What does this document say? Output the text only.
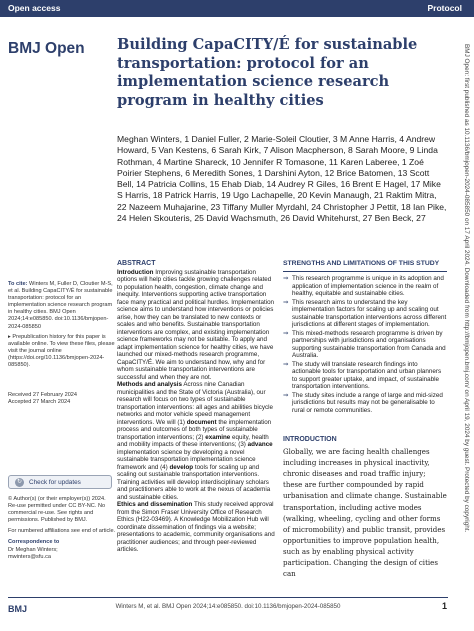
Open access	Protocol
BMJ Open Building CapaCITY/É for sustainable transportation: protocol for an implementation science research program in healthy cities
Meghan Winters, 1 Daniel Fuller, 2 Marie-Soleil Cloutier, 3 M Anne Harris, 4 Andrew Howard, 5 Van Kestens, 6 Sarah Kirk, 7 Alison Macpherson, 8 Sarah Moore, 9 Linda Rothman, 4 Martine Shareck, 10 Jennifer R Tomasone, 11 Karen Laberee, 1 Zoé Poirier Stephens, 6 Meredith Sones, 1 Darshini Ayton, 12 Brice Batomen, 13 Scott Bell, 14 Patricia Collins, 15 Ehab Diab, 14 Audrey R Giles, 16 Brent E Hagel, 17 Mike S Harris, 18 Patrick Harris, 19 Ugo Lachapelle, 20 Kevin Manaugh, 21 Raktim Mitra, 22 Nazeem Muhajarine, 23 Tiffany Muller Myrdahl, 24 Christopher J Pettit, 18 Ian Pike, 24 Helen Skouteris, 25 David Wachsmuth, 26 David Whitehurst, 27 Ben Beck, 27
To cite: Winters M, Fuller D, Cloutier M-S, et al. Building CapaCITY/É for sustainable transportation: protocol for an implementation science research program in healthy cities. BMJ Open 2024;14:e085850. doi:10.1136/bmjopen-2024-085850
▸ Prepublication history for this paper is available online. To view these files, please visit the journal online (https://doi.org/10.1136/bmjopen-2024-085850).
Received 27 February 2024
Accepted 27 March 2024
↻	Check for updates
© Author(s) (or their employer(s)) 2024. Re-use permitted under CC BY-NC. No commercial re-use. See rights and permissions. Published by BMJ.
For numbered affiliations see end of article.
Correspondence to
Dr Meghan Winters;
mwinters@sfu.ca
ABSTRACT

Introduction Improving sustainable transportation options will help cities tackle growing challenges related to population health, congestion, climate change and inequity. Interventions supporting active transportation face many practical and political hurdles. Implementation science aims to understand how interventions or policies arise, how they can be translated to new contexts or scales and who benefits. Sustainable transportation interventions are complex, and existing implementation science frameworks may not be suitable. To apply and adapt implementation science for healthy cities, we have launched our mixed-methods research programme, CapaCITY/É. We aim to understand how, why and for whom sustainable transportation interventions are successful and when they are not.

Methods and analysis Across nine Canadian municipalities and the State of Victoria (Australia), our research will focus on two types of sustainable transportation interventions: all ages and abilities bicycle networks and motor vehicle speed management interventions. We will (1) document the implementation process and outcomes of both types of sustainable transportation interventions; (2) examine equity, health and mobility impacts of these interventions; (3) advance implementation science by developing a novel sustainable transportation implementation science framework and (4) develop tools for scaling up and scaling out sustainable transportation interventions. Training activities will develop interdisciplinary scholars and practitioners able to work at the nexus of academia and sustainable cities.

Ethics and dissemination This study received approval from the Simon Fraser University Office of Research Ethics (H22-03469). A Knowledge Mobilization Hub will coordinate dissemination of findings via a website; presentations to academic, community organisations and practitioner audiences; and through peer-reviewed articles.

STRENGTHS AND LIMITATIONS OF THIS STUDY
⇒ This research programme is unique in its adoption and application of implementation science in the realm of healthy, equitable and sustainable cities.
⇒ This research aims to understand the key implementation factors for scaling up and scaling out sustainable transportation interventions across different jurisdictions at different stages of implementation.
⇒ This mixed-methods research programme is driven by partnerships with jurisdictions and organisations supporting sustainable transportation from Canada and Australia.
⇒ The study will translate research findings into actionable tools for transportation and urban planners to support greater uptake, and impact, of sustainable transportation interventions.
⇒ The study sites include a range of large and mid-sized jurisdictions but results may not be generalisable to rural or remote communities.
INTRODUCTION

Globally, we are facing health challenges including increases in physical inactivity, chronic diseases and road traffic injury; these are further compounded by rapid urbanisation and climate change. Sustainable transportation, including active modes (walking, wheeling, cycling and other forms of micromobility) and public transit, provides opportunities to improve population health, such as by enabling physical activity participation. Changing the design of cities can

BMJ	Winters M, et al. BMJ Open 2024;14:e085850. doi:10.1136/bmjopen-2024-085850	1
BMJ Open: first published as 10.1136/bmjopen-2024-085850 on 17 April 2024. Downloaded from http://bmjopen.bmj.com/ on April 19, 2024 by guest. Protected by copyright.
